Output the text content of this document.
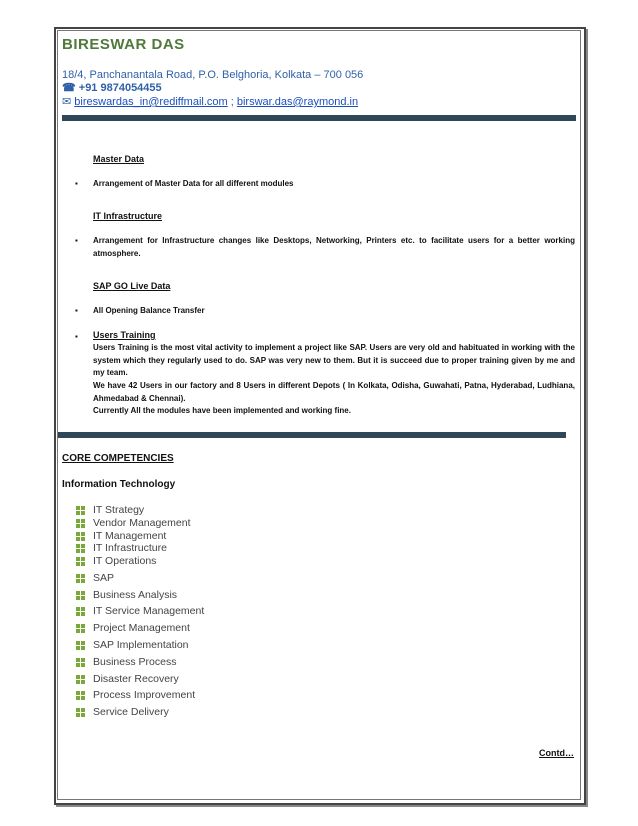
BIRESWAR DAS
18/4, Panchanantala Road, P.O. Belghoria, Kolkata – 700 056
☎ +91 9874054455
✉ bireswardas_in@rediffmail.com ; birswar.das@raymond.in
Master Data
▪ Arrangement of Master Data for all different modules
IT Infrastructure
▪ Arrangement for Infrastructure changes like Desktops, Networking, Printers etc. to facilitate users for a better working atmosphere.
SAP GO Live Data
▪ All Opening Balance Transfer
▪ Users Training
Users Training is the most vital activity to implement a project like SAP. Users are very old and habituated in working with the system which they regularly used to do. SAP was very new to them. But it is succeed due to proper training given by me and my team.
We have 42 Users in our factory and 8 Users in different Depots ( In Kolkata, Odisha, Guwahati, Patna, Hyderabad, Ludhiana, Ahmedabad & Chennai).
Currently All the modules have been implemented and working fine.
CORE COMPETENCIES
Information Technology
IT Strategy
Vendor Management
IT Management
IT Infrastructure
IT Operations
SAP
Business Analysis
IT Service Management
Project Management
SAP Implementation
Business Process
Disaster Recovery
Process Improvement
Service Delivery
Contd…
